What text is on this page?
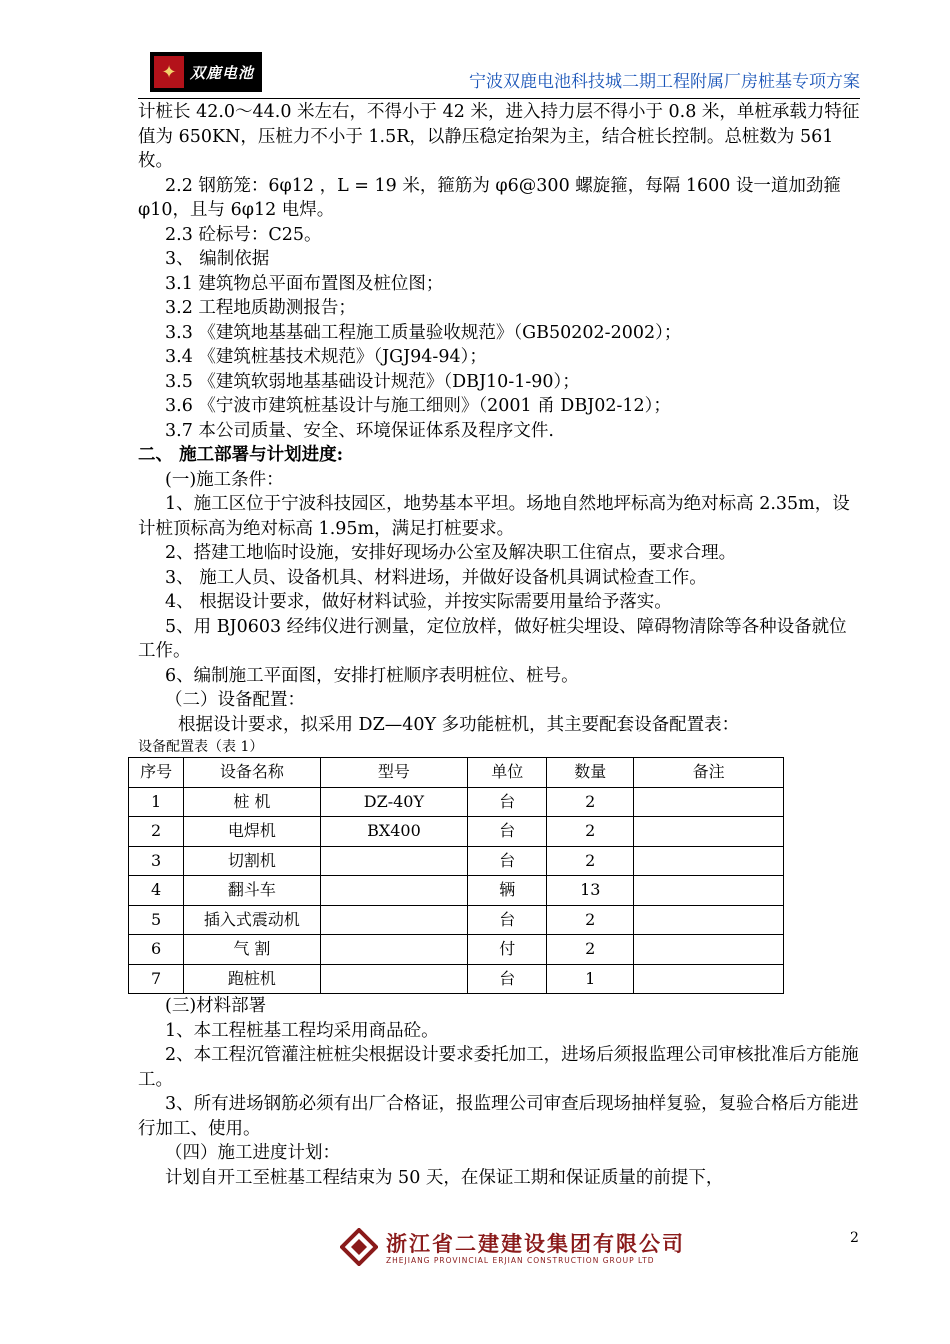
✦ 双鹿电池	宁波双鹿电池科技城二期工程附属厂房桩基专项方案

计桩长 42.0～44.0 米左右，不得小于 42 米，进入持力层不得小于 0.8 米，单桩承载力特征值为 650KN，压桩力不小于 1.5R，以静压稳定抬架为主，结合桩长控制。总桩数为 561 枚。

2.2 钢筋笼：6φ12 ，L = 19 米，箍筋为 φ6@300 螺旋箍，每隔 1600 设一道加劲箍 φ10，且与 6φ12 电焊。

2.3 砼标号：C25。

3、 编制依据

3.1 建筑物总平面布置图及桩位图；

3.2 工程地质勘测报告；

3.3 《建筑地基基础工程施工质量验收规范》（GB50202-2002）；

3.4 《建筑桩基技术规范》（JGJ94-94）；

3.5 《建筑软弱地基基础设计规范》（DBJ10-1-90）；

3.6 《宁波市建筑桩基设计与施工细则》（2001 甬 DBJ02-12）；

3.7 本公司质量、安全、环境保证体系及程序文件.

二、 施工部署与计划进度:

(一)施工条件：

1、施工区位于宁波科技园区，地势基本平坦。场地自然地坪标高为绝对标高 2.35m，设计桩顶标高为绝对标高 1.95m，满足打桩要求。

2、搭建工地临时设施，安排好现场办公室及解决职工住宿点，要求合理。

3、 施工人员、设备机具、材料进场，并做好设备机具调试检查工作。

4、 根据设计要求，做好材料试验，并按实际需要用量给予落实。

5、用 BJ0603 经纬仪进行测量，定位放样，做好桩尖埋设、障碍物清除等各种设备就位工作。

6、编制施工平面图，安排打桩顺序表明桩位、桩号。

（二）设备配置：

根据设计要求，拟采用 DZ—40Y 多功能桩机，其主要配套设备配置表：

设备配置表（表 1）

序号	设备名称	型号	单位	数量	备注
1	桩 机	DZ-40Y	台	2	
2	电焊机	BX400	台	2	
3	切割机		台	2	
4	翻斗车		辆	13	
5	插入式震动机		台	2	
6	气 割		付	2	
7	跑桩机		台	1	

(三)材料部署

1、本工程桩基工程均采用商品砼。

2、本工程沉管灌注桩桩尖根据设计要求委托加工，进场后须报监理公司审核批准后方能施工。

3、所有进场钢筋必须有出厂合格证，报监理公司审查后现场抽样复验，复验合格后方能进行加工、使用。

（四）施工进度计划：

计划自开工至桩基工程结束为 50 天，在保证工期和保证质量的前提下，

浙江省二建建设集团有限公司
ZHEJIANG PROVINCIAL ERJIAN CONSTRUCTION GROUP LTD
2
